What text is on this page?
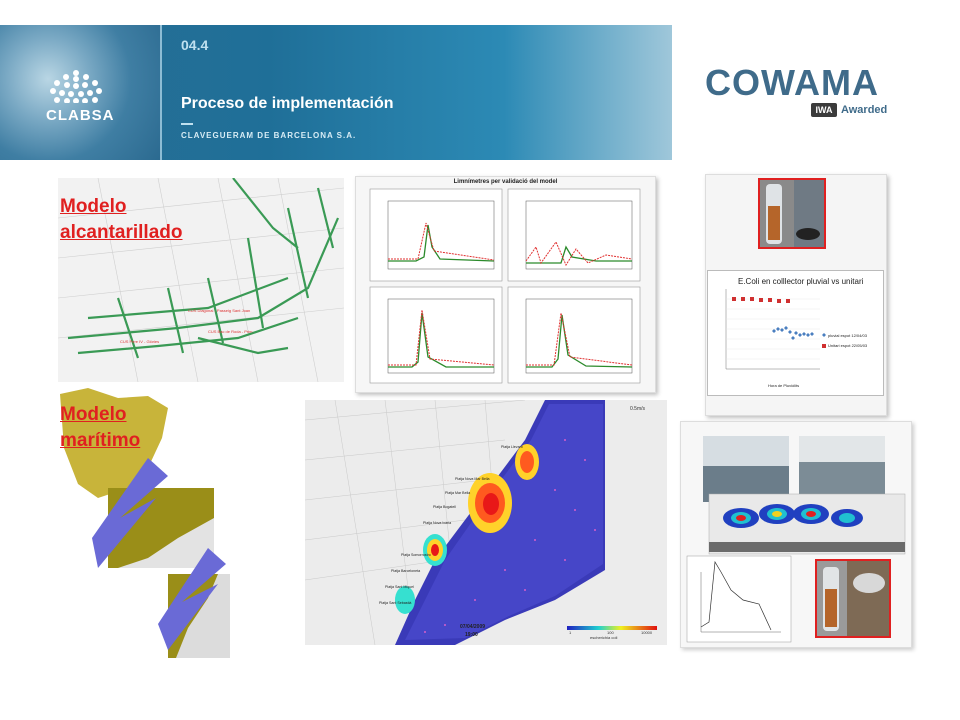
CLABSA
04.4
Proceso de implementación
CLAVEGUERAM DE BARCELONA S.A.
COWAMA
IWA Awarded
CUS Diagonal - Passeig Sant Joan
CUS Bac de Roda - Prim
CUS Pere IV - Glòries
Modelo alcantarillado
Limnímetres per validació del model
E.Coli en colllector pluvial vs unitari
pluvial espot 12/04/03
Unitari espot 22/05/03
Hora de Pluviòlits
Modelo marítimo
0.5m/s
escherichia coli
1	100	10000
07/04/2009
19:00
Platja Llevant
Platja Nova Mar Bella
Platja Mar Bella
Platja Bogatell
Platja Nova Icària
Platja Somorrostro
Platja Barceloneta
Platja Sant Miquel
Platja Sant Sebastià
